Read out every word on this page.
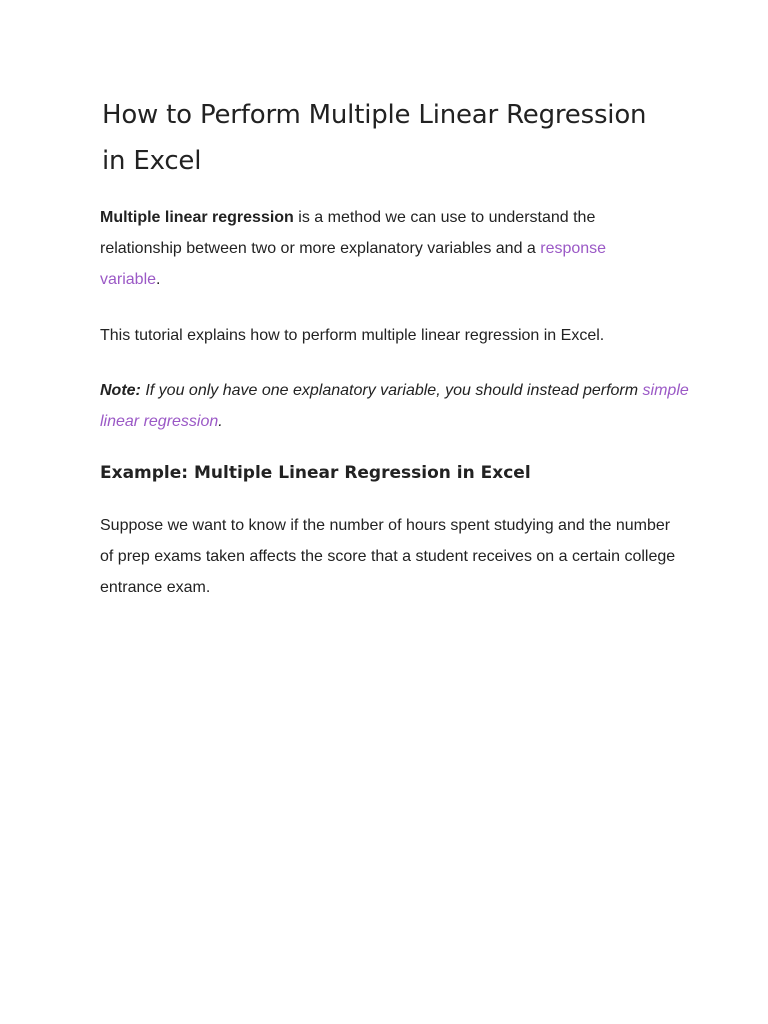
How to Perform Multiple Linear Regression in Excel

Multiple linear regression is a method we can use to understand the relationship between two or more explanatory variables and a response variable.

This tutorial explains how to perform multiple linear regression in Excel.

Note: If you only have one explanatory variable, you should instead perform simple linear regression.

Example: Multiple Linear Regression in Excel

Suppose we want to know if the number of hours spent studying and the number of prep exams taken affects the score that a student receives on a certain college entrance exam.
